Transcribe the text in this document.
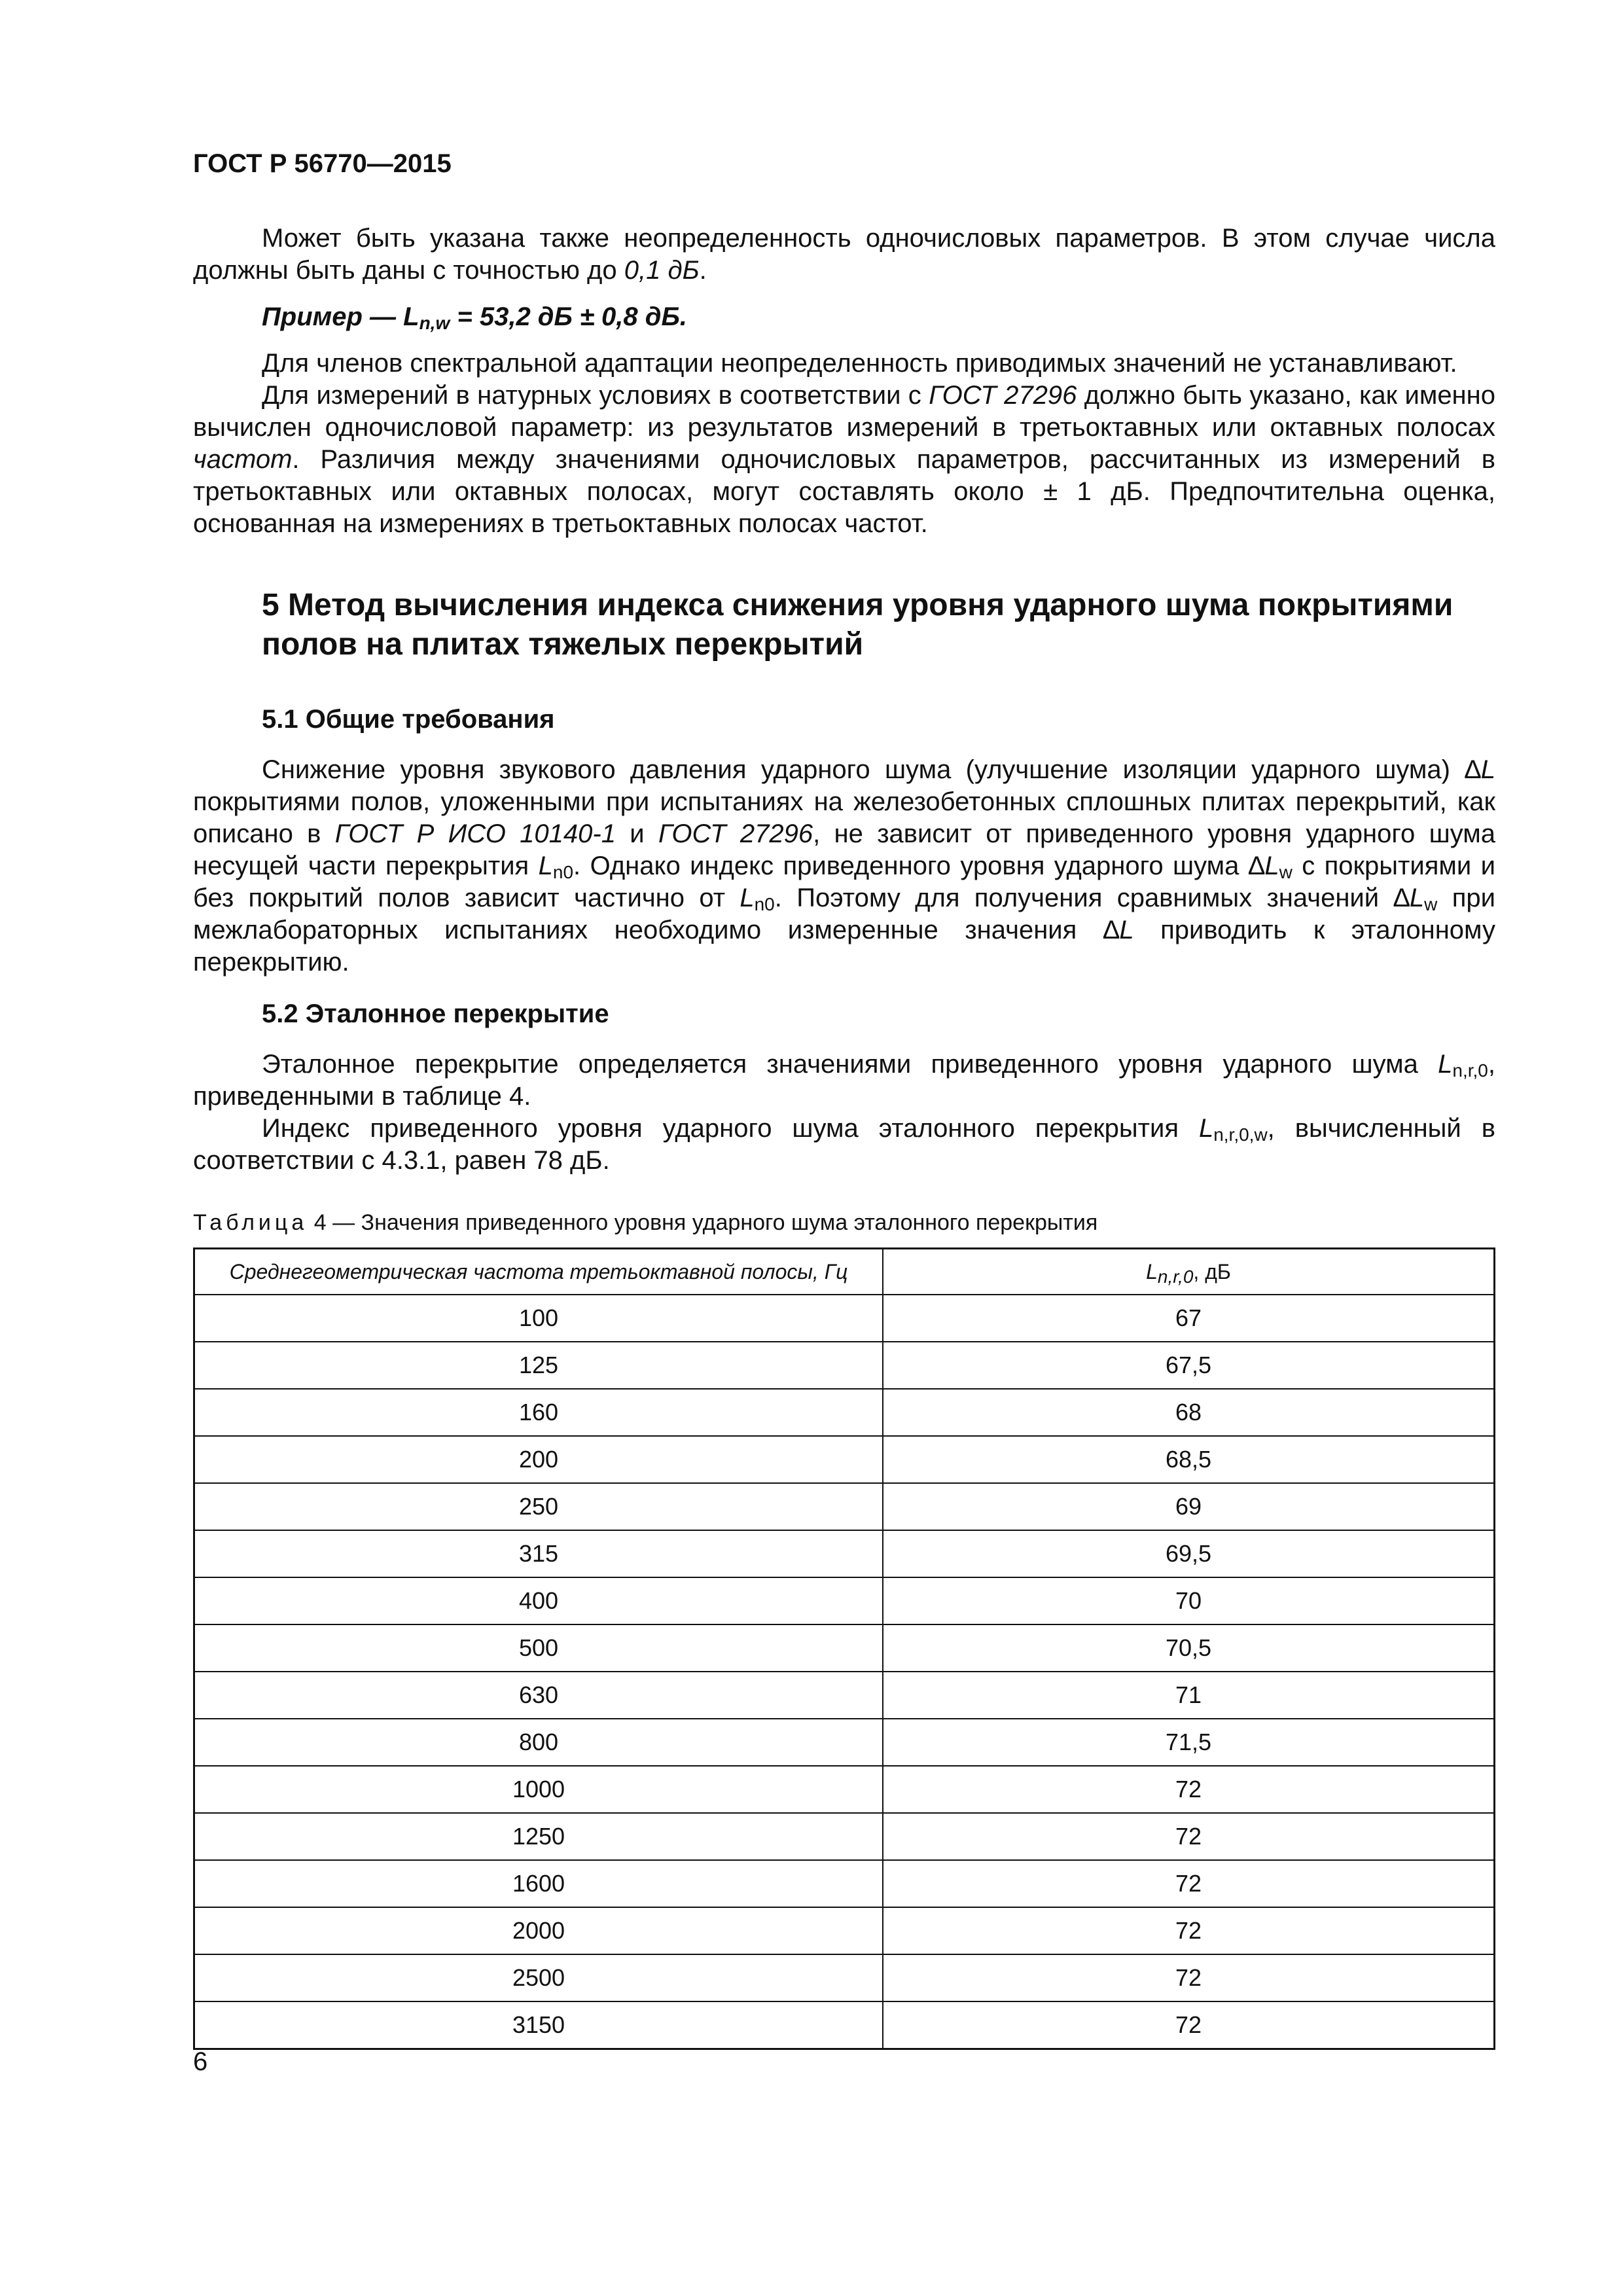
ГОСТ Р 56770—2015

Может быть указана также неопределенность одночисловых параметров. В этом случае числа должны быть даны с точностью до 0,1 дБ.

Пример — $L_{n,w} = 53,2$ дБ ± 0,8 дБ.

Для членов спектральной адаптации неопределенность приводимых значений не устанавливают.

Для измерений в натурных условиях в соответствии с ГОСТ 27296 должно быть указано, как именно вычислен одночисловой параметр: из результатов измерений в третьоктавных или октавных полосах частот. Различия между значениями одночисловых параметров, рассчитанных из измерений в третьоктавных или октавных полосах, могут составлять около ± 1 дБ. Предпочтительна оценка, основанная на измерениях в третьоктавных полосах частот.

5 Метод вычисления индекса снижения уровня ударного шума покрытиями полов на плитах тяжелых перекрытий
5.1 Общие требования

Снижение уровня звукового давления ударного шума (улучшение изоляции ударного шума) ∆L покрытиями полов, уложенными при испытаниях на железобетонных сплошных плитах перекрытий, как описано в ГОСТ Р ИСО 10140-1 и ГОСТ 27296, не зависит от приведенного уровня ударного шума несущей части перекрытия $L_{n0}$. Однако индекс приведенного уровня ударного шума $\Delta L_w$ с покрытиями и без покрытий полов зависит частично от $L_{n0}$. Поэтому для получения сравнимых значений $\Delta L_w$ при межлабораторных испытаниях необходимо измеренные значения ∆L приводить к эталонному перекрытию.

5.2 Эталонное перекрытие

Эталонное перекрытие определяется значениями приведенного уровня ударного шума $L_{n,r,0}$, приведенными в таблице 4.

Индекс приведенного уровня ударного шума эталонного перекрытия $L_{n,r,0,w}$, вычисленный в соответствии с 4.3.1, равен 78 дБ.

Таблица 4 — Значения приведенного уровня ударного шума эталонного перекрытия
Среднегеометрическая частота третьоктавной полосы, Гц	$L_{n,r,0}$, дБ
100	67
125	67,5
160	68
200	68,5
250	69
315	69,5
400	70
500	70,5
630	71
800	71,5
1000	72
1250	72
1600	72
2000	72
2500	72
3150	72
6
